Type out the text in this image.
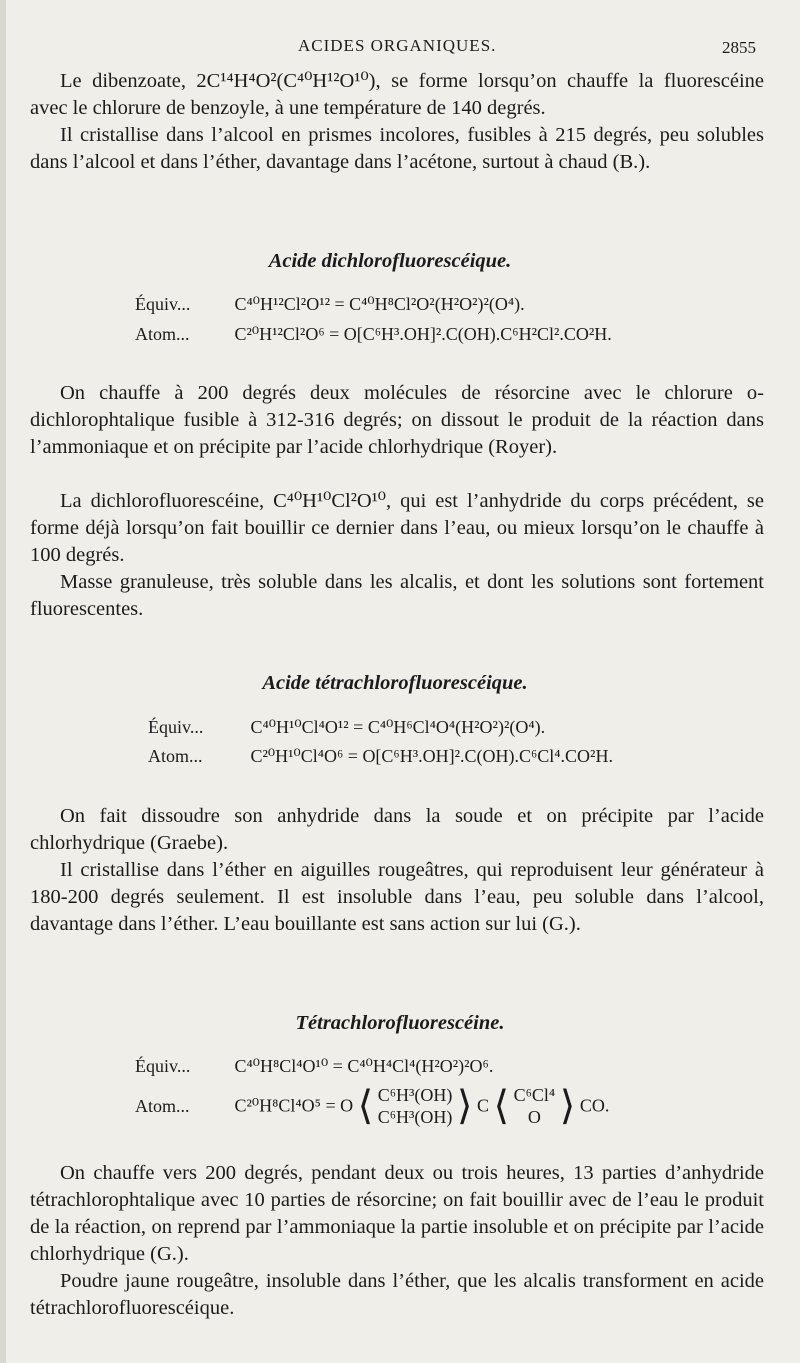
ACIDES ORGANIQUES.	2855

Le dibenzoate, 2C¹⁴H⁴O²(C⁴⁰H¹²O¹⁰), se forme lorsqu’on chauffe la fluorescéine avec le chlorure de benzoyle, à une température de 140 degrés.

Il cristallise dans l’alcool en prismes incolores, fusibles à 215 degrés, peu solubles dans l’alcool et dans l’éther, davantage dans l’acétone, surtout à chaud (B.).

Acide dichlorofluorescéique.
Équiv... C⁴⁰H¹²Cl²O¹² = C⁴⁰H⁸Cl²O²(H²O²)²(O⁴).
Atom... C²⁰H¹²Cl²O⁶ = O[C⁶H³.OH]².C(OH).C⁶H²Cl².CO²H.

On chauffe à 200 degrés deux molécules de résorcine avec le chlorure o-dichlorophtalique fusible à 312-316 degrés; on dissout le produit de la réaction dans l’ammoniaque et on précipite par l’acide chlorhydrique (Royer).

La dichlorofluorescéine, C⁴⁰H¹⁰Cl²O¹⁰, qui est l’anhydride du corps précédent, se forme déjà lorsqu’on fait bouillir ce dernier dans l’eau, ou mieux lorsqu’on le chauffe à 100 degrés.

Masse granuleuse, très soluble dans les alcalis, et dont les solutions sont fortement fluorescentes.

Acide tétrachlorofluorescéique.
Équiv...	C⁴⁰H¹⁰Cl⁴O¹² = C⁴⁰H⁶Cl⁴O⁴(H²O²)²(O⁴).
Atom...	C²⁰H¹⁰Cl⁴O⁶ = O[C⁶H³.OH]².C(OH).C⁶Cl⁴.CO²H.

On fait dissoudre son anhydride dans la soude et on précipite par l’acide chlorhydrique (Graebe).

Il cristallise dans l’éther en aiguilles rougeâtres, qui reproduisent leur générateur à 180-200 degrés seulement. Il est insoluble dans l’eau, peu soluble dans l’alcool, davantage dans l’éther. L’eau bouillante est sans action sur lui (G.).

Tétrachlorofluorescéine.
Équiv... C⁴⁰H⁸Cl⁴O¹⁰ = C⁴⁰H⁴Cl⁴(H²O²)²O⁶.
Atom... C²⁰H⁸Cl⁴O⁵ = O ⟨ C⁶H³(OH)
C⁶H³(OH) ⟩ C ⟨ C⁶Cl⁴
O ⟩ CO.

On chauffe vers 200 degrés, pendant deux ou trois heures, 13 parties d’anhydride tétrachlorophtalique avec 10 parties de résorcine; on fait bouillir avec de l’eau le produit de la réaction, on reprend par l’ammoniaque la partie insoluble et on précipite par l’acide chlorhydrique (G.).

Poudre jaune rougeâtre, insoluble dans l’éther, que les alcalis transforment en acide tétrachlorofluorescéique.
